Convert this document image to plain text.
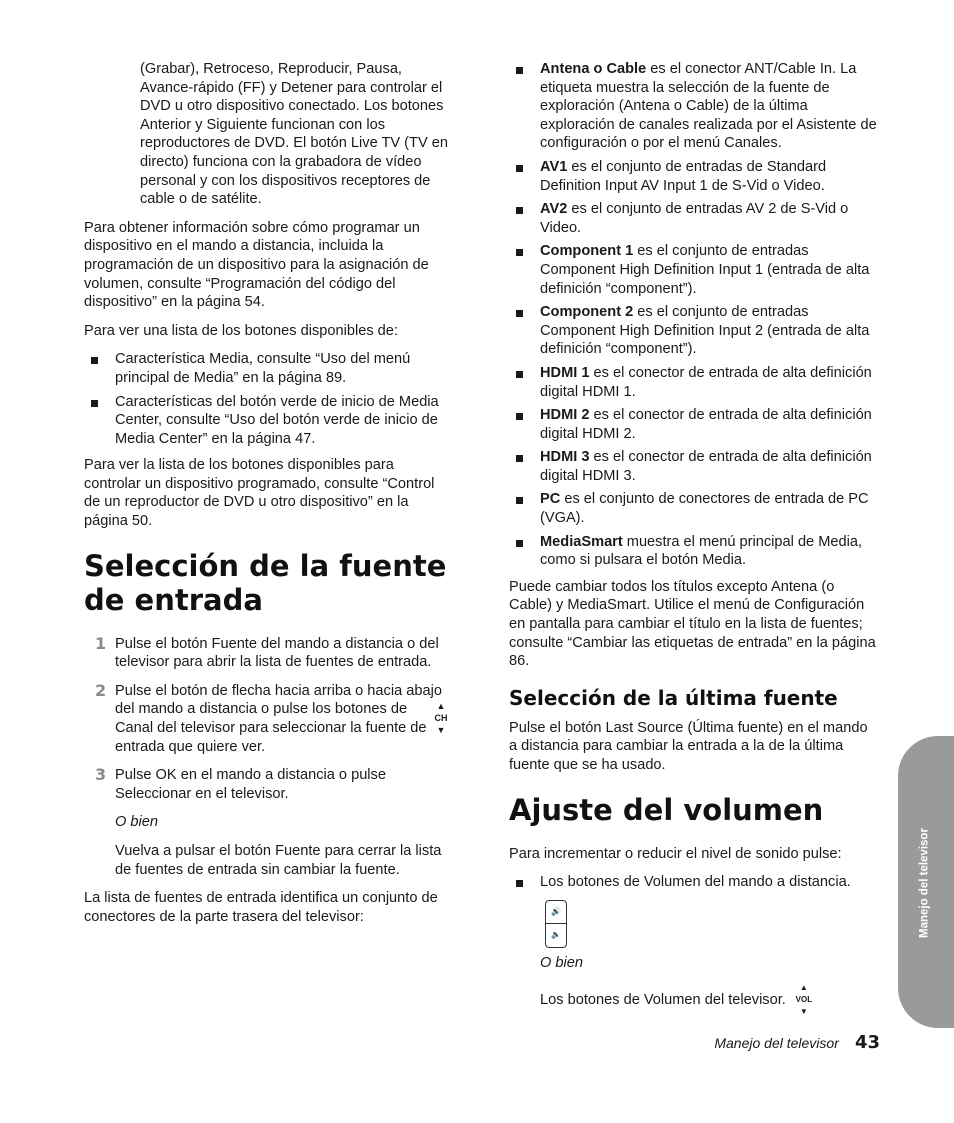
(Grabar), Retroceso, Reproducir, Pausa, Avance-rápido (FF) y Detener para controlar el DVD u otro dispositivo conectado. Los botones Anterior y Siguiente funcionan con los reproductores de DVD. El botón Live TV (TV en directo) funciona con la grabadora de vídeo personal y con los dispositivos receptores de cable o de satélite.

Para obtener información sobre cómo programar un dispositivo en el mando a distancia, incluida la programación de un dispositivo para la asignación de volumen, consulte “Programación del código del dispositivo” en la página 54.

Para ver una lista de los botones disponibles de:

Característica Media, consulte “Uso del menú principal de Media” en la página 89.
Características del botón verde de inicio de Media Center, consulte “Uso del botón verde de inicio de Media Center” en la página 47.

Para ver la lista de los botones disponibles para controlar un dispositivo programado, consulte “Control de un reproductor de DVD u otro dispositivo” en la página 50.

Selección de la fuente de entrada
1 Pulse el botón Fuente del mando a distancia o del televisor para abrir la lista de fuentes de entrada.
2 Pulse el botón de flecha hacia arriba o hacia abajo del mando a distancia o pulse los botones de Canal del televisor para seleccionar la fuente de entrada que quiere ver.
3 Pulse OK en el mando a distancia o pulse Seleccionar en el televisor.

O bien

Vuelva a pulsar el botón Fuente para cerrar la lista de fuentes de entrada sin cambiar la fuente.

La lista de fuentes de entrada identifica un conjunto de conectores de la parte trasera del televisor:

▲
CH
▼
Antena o Cable es el conector ANT/Cable In. La etiqueta muestra la selección de la fuente de exploración (Antena o Cable) de la última exploración de canales realizada por el Asistente de configuración o por el menú Canales.
AV1 es el conjunto de entradas de Standard Definition Input AV Input 1 de S-Vid o Video.
AV2 es el conjunto de entradas AV 2 de S-Vid o Video.
Component 1 es el conjunto de entradas Component High Definition Input 1 (entrada de alta definición “component”).
Component 2 es el conjunto de entradas Component High Definition Input 2 (entrada de alta definición “component”).
HDMI 1 es el conector de entrada de alta definición digital HDMI 1.
HDMI 2 es el conector de entrada de alta definición digital HDMI 2.
HDMI 3 es el conector de entrada de alta definición digital HDMI 3.
PC es el conjunto de conectores de entrada de PC (VGA).
MediaSmart muestra el menú principal de Media, como si pulsara el botón Media.

Puede cambiar todos los títulos excepto Antena (o Cable) y MediaSmart. Utilice el menú de Configuración en pantalla para cambiar el título en la lista de fuentes; consulte “Cambiar las etiquetas de entrada” en la página 86.

Selección de la última fuente

Pulse el botón Last Source (Última fuente) en el mando a distancia para cambiar la entrada a la de la última fuente que se ha usado.

Ajuste del volumen

Para incrementar o reducir el nivel de sonido pulse:

Los botones de Volumen del mando a distancia.
🔊
🔈

O bien

Los botones de Volumen del televisor.
▲
VOL
▼

Manejo del televisor
Manejo del televisor 43
